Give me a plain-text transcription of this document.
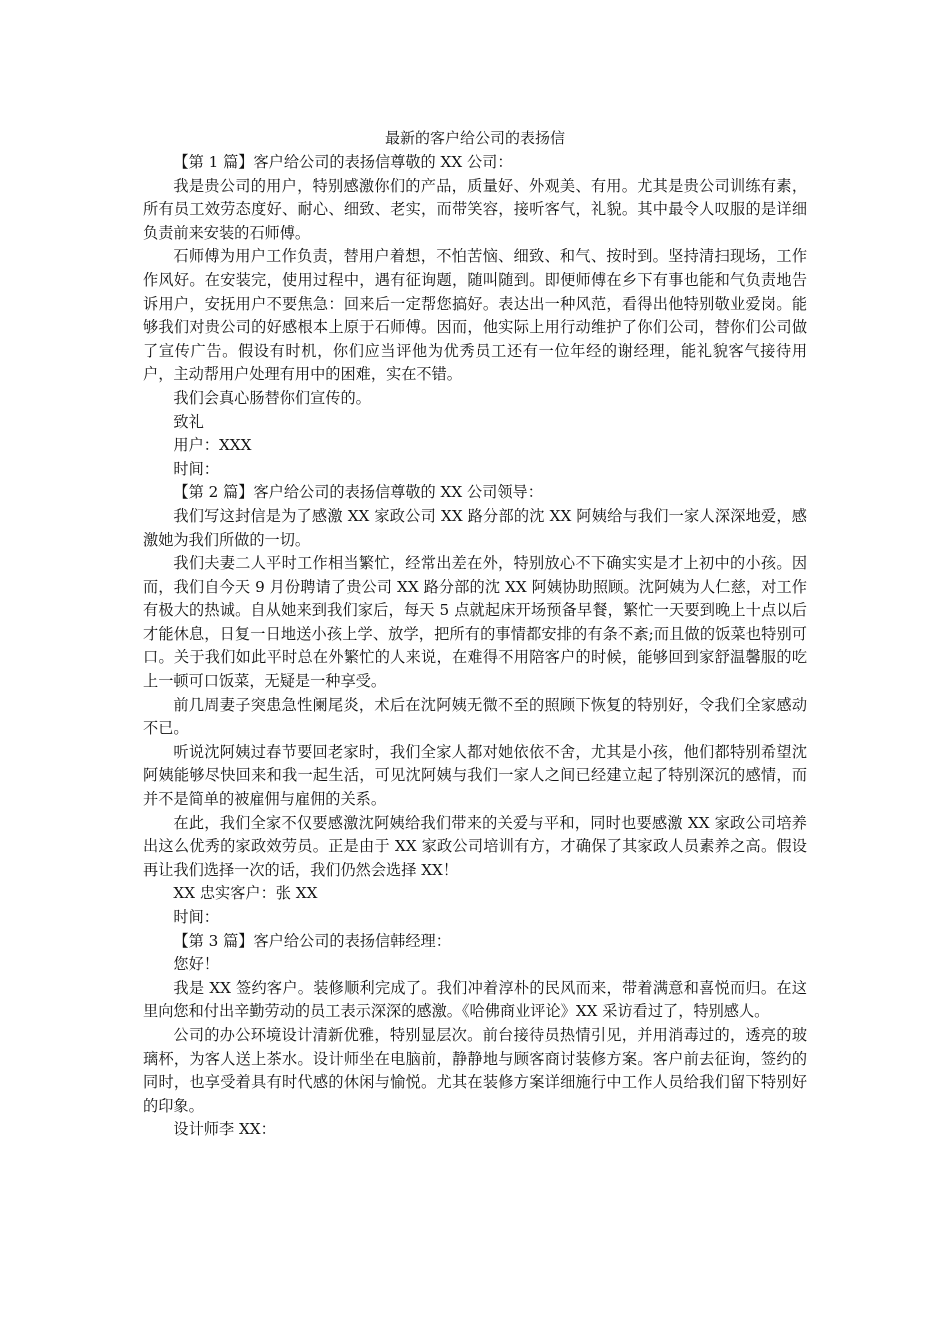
最新的客户给公司的表扬信

【第 1 篇】客户给公司的表扬信尊敬的 XX 公司：

我是贵公司的用户，特别感激你们的产品，质量好、外观美、有用。尤其是贵公司训练有素，所有员工效劳态度好、耐心、细致、老实，而带笑容，接听客气，礼貌。其中最令人叹服的是详细负责前来安装的石师傅。

石师傅为用户工作负责，替用户着想，不怕苦恼、细致、和气、按时到。坚持清扫现场，工作作风好。在安装完，使用过程中，遇有征询题，随叫随到。即便师傅在乡下有事也能和气负责地告诉用户，安抚用户不要焦急：回来后一定帮您搞好。表达出一种风范，看得出他特别敬业爱岗。能够我们对贵公司的好感根本上原于石师傅。因而，他实际上用行动维护了你们公司，替你们公司做了宣传广告。假设有时机，你们应当评他为优秀员工还有一位年经的谢经理，能礼貌客气接待用户，主动帮用户处理有用中的困难，实在不错。

我们会真心肠替你们宣传的。

致礼

用户：XXX

时间：

【第 2 篇】客户给公司的表扬信尊敬的 XX 公司领导：

我们写这封信是为了感激 XX 家政公司 XX 路分部的沈 XX 阿姨给与我们一家人深深地爱，感激她为我们所做的一切。

我们夫妻二人平时工作相当繁忙，经常出差在外，特别放心不下确实实是才上初中的小孩。因而，我们自今天 9 月份聘请了贵公司 XX 路分部的沈 XX 阿姨协助照顾。沈阿姨为人仁慈，对工作有极大的热诚。自从她来到我们家后，每天 5 点就起床开场预备早餐，繁忙一天要到晚上十点以后才能休息，日复一日地送小孩上学、放学，把所有的事情都安排的有条不紊;而且做的饭菜也特别可口。关于我们如此平时总在外繁忙的人来说，在难得不用陪客户的时候，能够回到家舒温馨服的吃上一顿可口饭菜，无疑是一种享受。

前几周妻子突患急性阑尾炎，术后在沈阿姨无微不至的照顾下恢复的特别好，令我们全家感动不已。

听说沈阿姨过春节要回老家时，我们全家人都对她依依不舍，尤其是小孩，他们都特别希望沈阿姨能够尽快回来和我一起生活，可见沈阿姨与我们一家人之间已经建立起了特别深沉的感情，而并不是简单的被雇佣与雇佣的关系。

在此，我们全家不仅要感激沈阿姨给我们带来的关爱与平和，同时也要感激 XX 家政公司培养出这么优秀的家政效劳员。正是由于 XX 家政公司培训有方，才确保了其家政人员素养之高。假设再让我们选择一次的话，我们仍然会选择 XX！

XX 忠实客户：张 XX

时间：

【第 3 篇】客户给公司的表扬信韩经理：

您好！

我是 XX 签约客户。装修顺利完成了。我们冲着淳朴的民风而来，带着满意和喜悦而归。在这里向您和付出辛勤劳动的员工表示深深的感激。《哈佛商业评论》XX 采访看过了，特别感人。

公司的办公环境设计清新优雅，特别显层次。前台接待员热情引见，并用消毒过的，透亮的玻璃杯，为客人送上茶水。设计师坐在电脑前，静静地与顾客商讨装修方案。客户前去征询，签约的同时，也享受着具有时代感的休闲与愉悦。尤其在装修方案详细施行中工作人员给我们留下特别好的印象。

设计师李 XX：
